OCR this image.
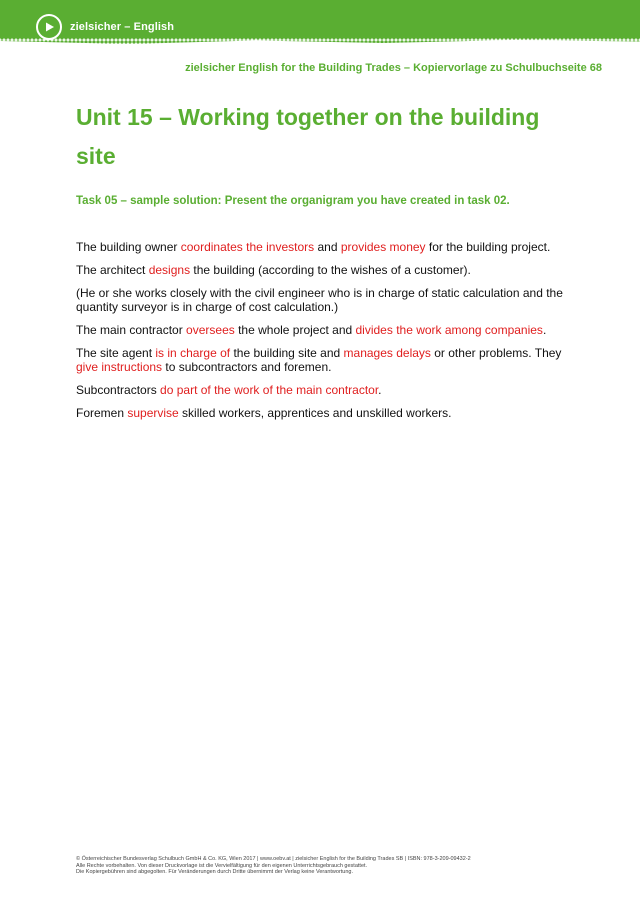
zielsicher – English
zielsicher English for the Building Trades – Kopiervorlage zu Schulbuchseite 68
Unit 15 – Working together on the building site
Task 05 – sample solution: Present the organigram you have created in task 02.

The building owner coordinates the investors and provides money for the building project.

The architect designs the building (according to the wishes of a customer).

(He or she works closely with the civil engineer who is in charge of static calculation and the quantity surveyor is in charge of cost calculation.)

The main contractor oversees the whole project and divides the work among companies.

The site agent is in charge of the building site and manages delays or other problems. They give instructions to subcontractors and foremen.

Subcontractors do part of the work of the main contractor.

Foremen supervise skilled workers, apprentices and unskilled workers.

© Österreichischer Bundesverlag Schulbuch GmbH & Co. KG, Wien 2017 | www.oebv.at | zielsicher English for the Building Trades SB | ISBN: 978-3-209-09432-2
Alle Rechte vorbehalten. Von dieser Druckvorlage ist die Vervielfältigung für den eigenen Unterrichtsgebrauch gestattet.
Die Kopiergebühren sind abgegolten. Für Veränderungen durch Dritte übernimmt der Verlag keine Verantwortung.
